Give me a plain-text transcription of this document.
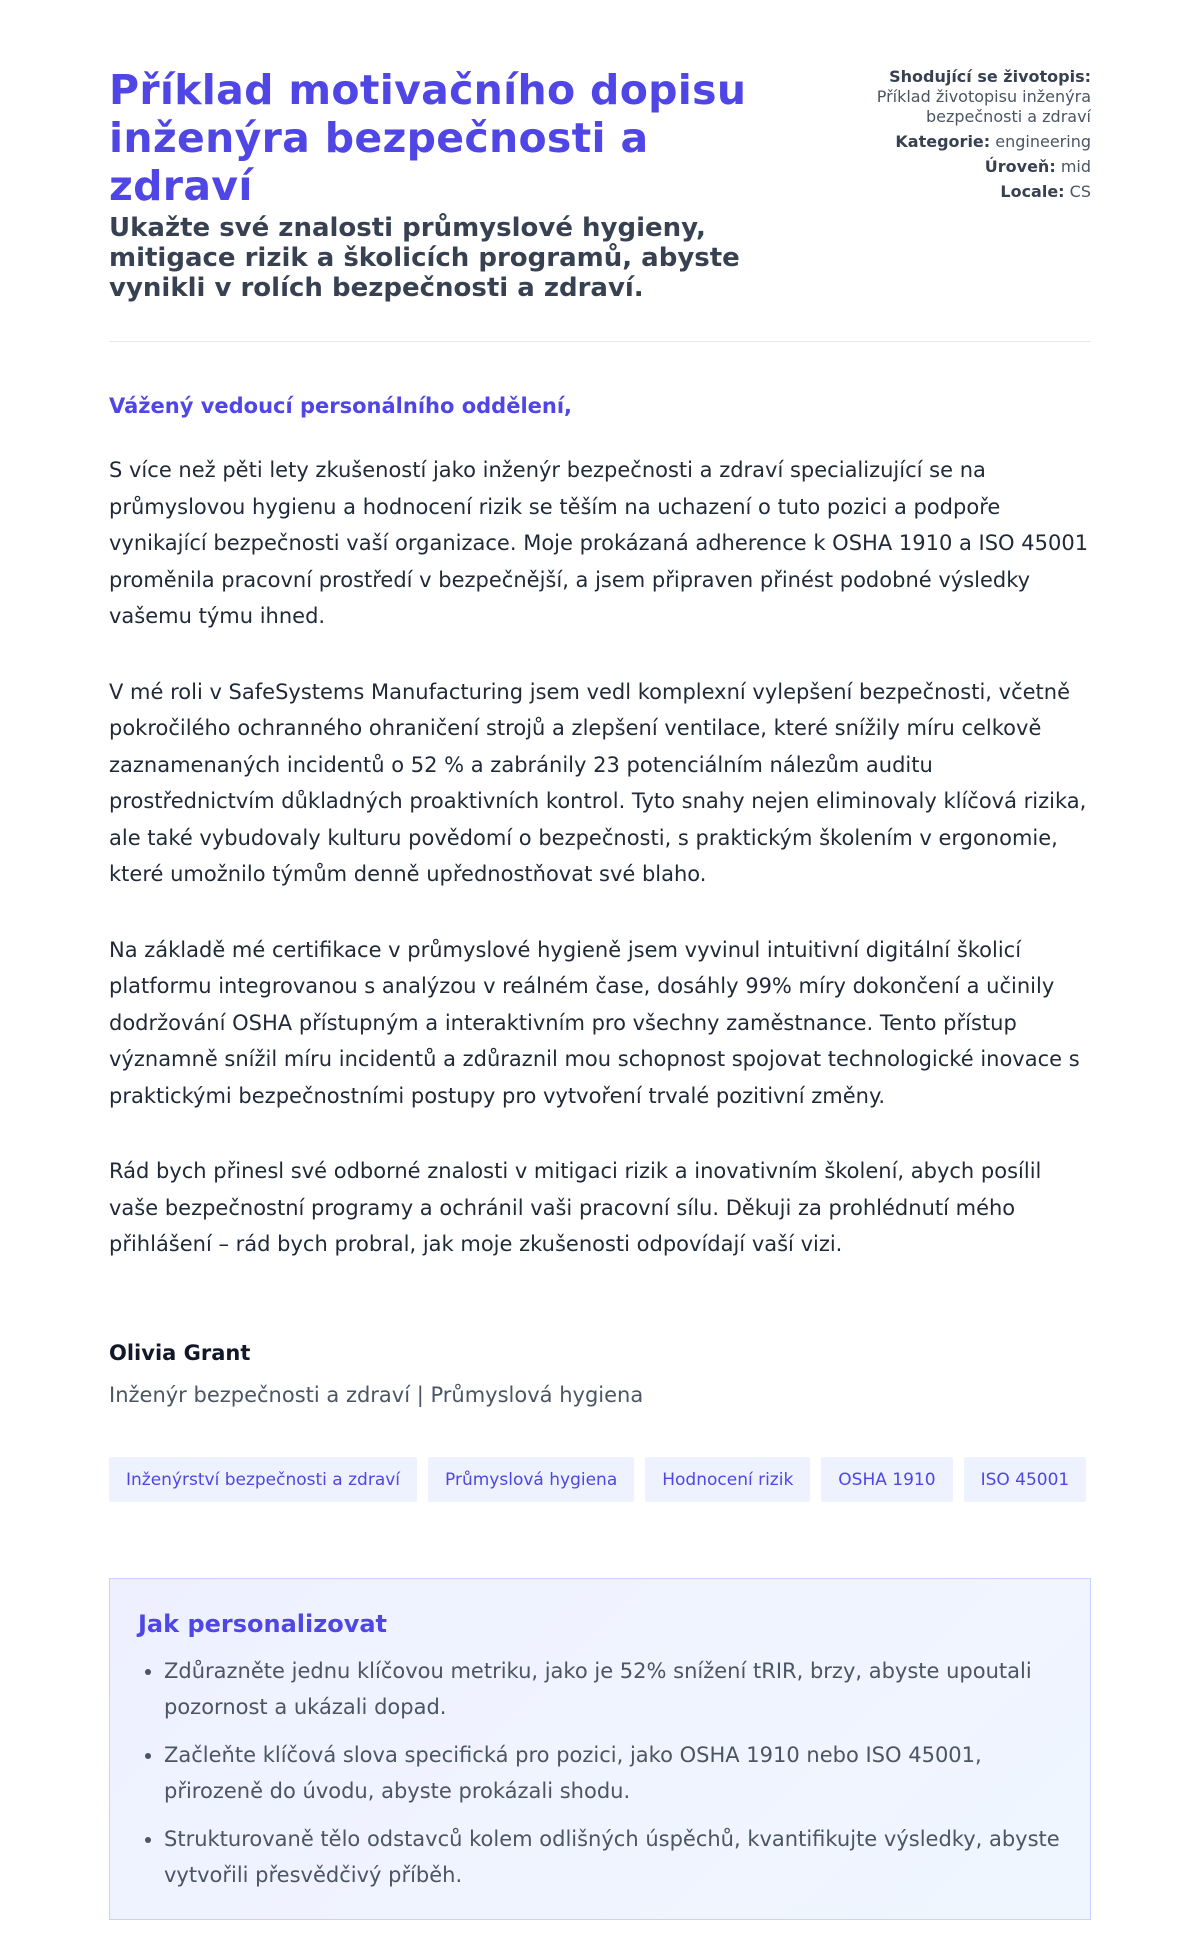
Příklad motivačního dopisu inženýra bezpečnosti a zdraví
Ukažte své znalosti průmyslové hygieny, mitigace rizik a školicích programů, abyste vynikli v rolích bezpečnosti a zdraví.
Shodující se životopis:
Příklad životopisu inženýra bezpečnosti a zdraví
Kategorie: engineering
Úroveň: mid
Locale: CS
Vážený vedoucí personálního oddělení,
S více než pěti lety zkušeností jako inženýr bezpečnosti a zdraví specializující se na průmyslovou hygienu a hodnocení rizik se těším na uchazení o tuto pozici a podpoře vynikající bezpečnosti vaší organizace. Moje prokázaná adherence k OSHA 1910 a ISO 45001 proměnila pracovní prostředí v bezpečnější, a jsem připraven přinést podobné výsledky vašemu týmu ihned.
V mé roli v SafeSystems Manufacturing jsem vedl komplexní vylepšení bezpečnosti, včetně pokročilého ochranného ohraničení strojů a zlepšení ventilace, které snížily míru celkově zaznamenaných incidentů o 52 % a zabránily 23 potenciálním nálezům auditu prostřednictvím důkladných proaktivních kontrol. Tyto snahy nejen eliminovaly klíčová rizika, ale také vybudovaly kulturu povědomí o bezpečnosti, s praktickým školením v ergonomie, které umožnilo týmům denně upřednostňovat své blaho.
Na základě mé certifikace v průmyslové hygieně jsem vyvinul intuitivní digitální školicí platformu integrovanou s analýzou v reálném čase, dosáhly 99% míry dokončení a učinily dodržování OSHA přístupným a interaktivním pro všechny zaměstnance. Tento přístup významně snížil míru incidentů a zdůraznil mou schopnost spojovat technologické inovace s praktickými bezpečnostními postupy pro vytvoření trvalé pozitivní změny.
Rád bych přinesl své odborné znalosti v mitigaci rizik a inovativním školení, abych posílil vaše bezpečnostní programy a ochránil vaši pracovní sílu. Děkuji za prohlédnutí mého přihlášení – rád bych probral, jak moje zkušenosti odpovídají vaší vizi.
Olivia Grant
Inženýr bezpečnosti a zdraví | Průmyslová hygiena
Inženýrství bezpečnosti a zdraví	Průmyslová hygiena	Hodnocení rizik	OSHA 1910	ISO 45001
Jak personalizovat
• Zdůrazněte jednu klíčovou metriku, jako je 52% snížení tRIR, brzy, abyste upoutali pozornost a ukázali dopad.
• Začleňte klíčová slova specifická pro pozici, jako OSHA 1910 nebo ISO 45001, přirozeně do úvodu, abyste prokázali shodu.
• Strukturovaně tělo odstavců kolem odlišných úspěchů, kvantifikujte výsledky, abyste vytvořili přesvědčivý příběh.
